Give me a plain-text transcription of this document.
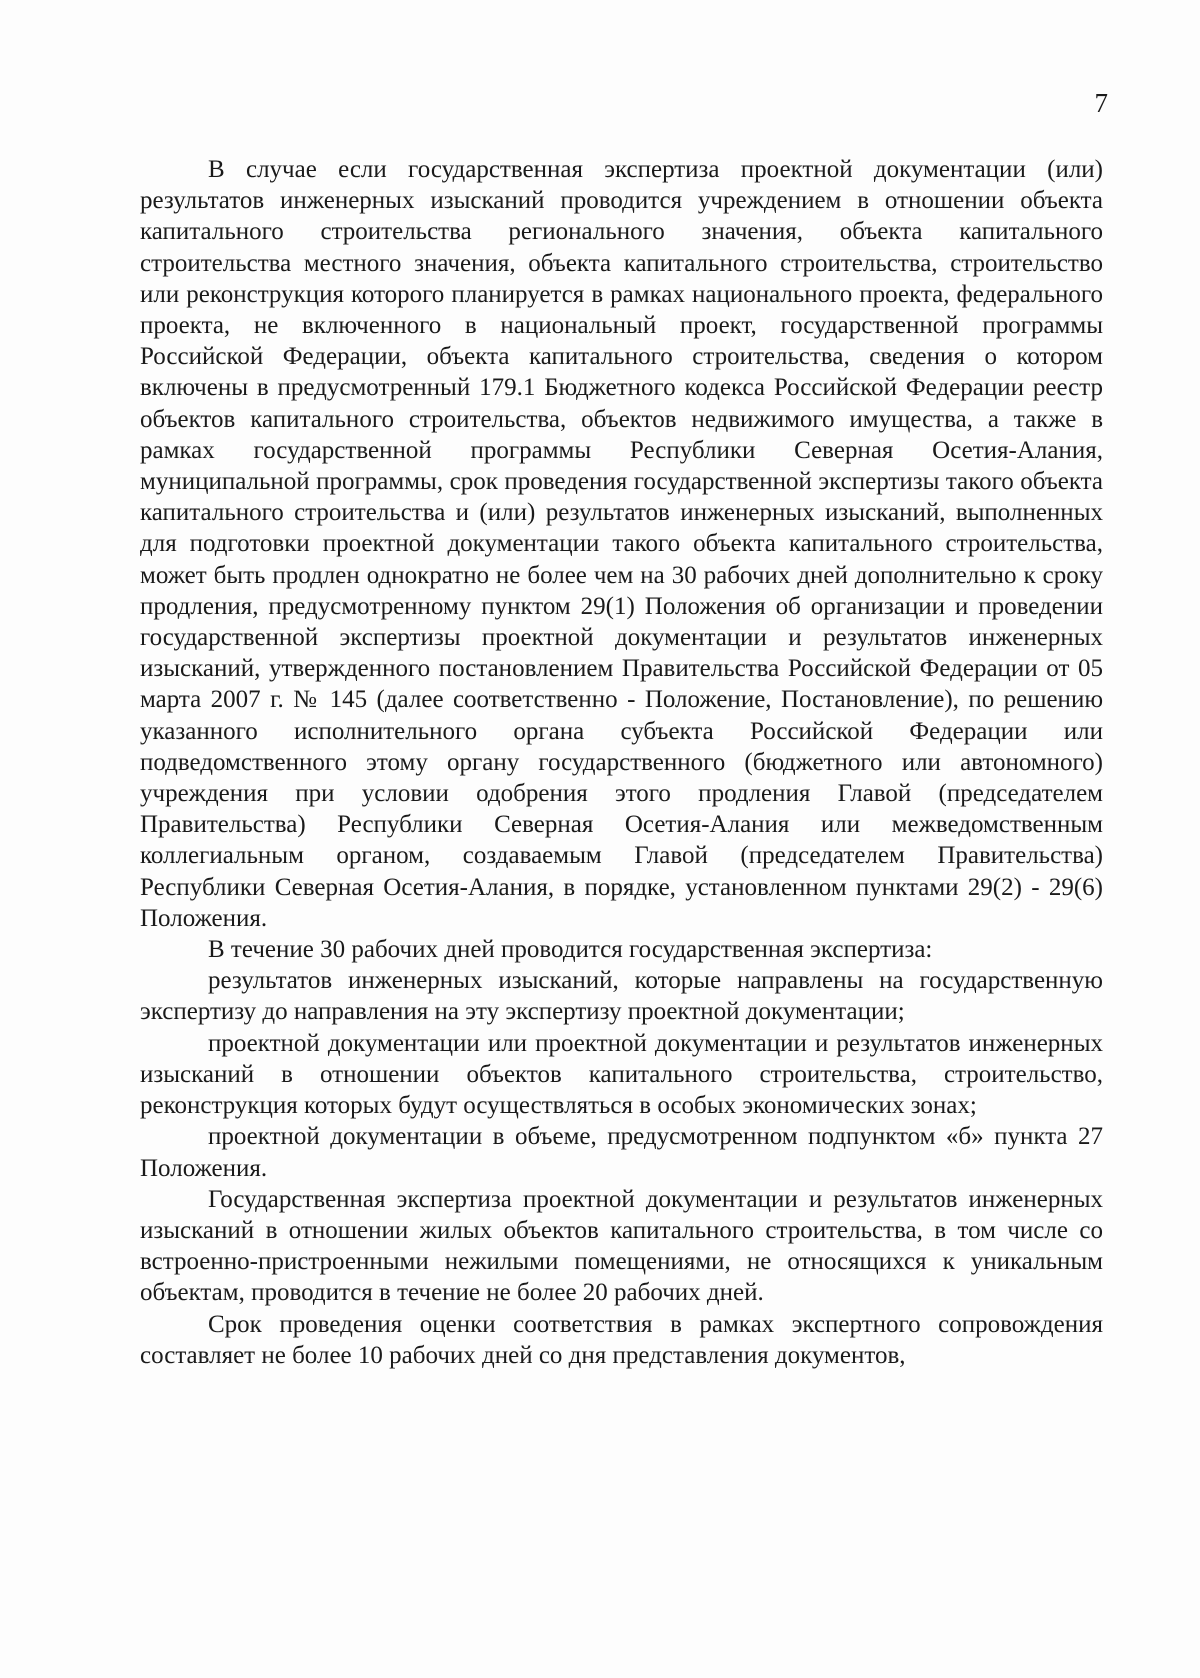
7

В случае если государственная экспертиза проектной документации (или) результатов инженерных изысканий проводится учреждением в отношении объекта капитального строительства регионального значения, объекта капитального строительства местного значения, объекта капитального строительства, строительство или реконструкция которого планируется в рамках национального проекта, федерального проекта, не включенного в национальный проект, государственной программы Российской Федерации, объекта капитального строительства, сведения о котором включены в предусмотренный 179.1 Бюджетного кодекса Российской Федерации реестр объектов капитального строительства, объектов недвижимого имущества, а также в рамках государственной программы Республики Северная Осетия-Алания, муниципальной программы, срок проведения государственной экспертизы такого объекта капитального строительства и (или) результатов инженерных изысканий, выполненных для подготовки проектной документации такого объекта капитального строительства, может быть продлен однократно не более чем на 30 рабочих дней дополнительно к сроку продления, предусмотренному пунктом 29(1) Положения об организации и проведении государственной экспертизы проектной документации и результатов инженерных изысканий, утвержденного постановлением Правительства Российской Федерации от 05 марта 2007 г. № 145 (далее соответственно - Положение, Постановление), по решению указанного исполнительного органа субъекта Российской Федерации или подведомственного этому органу государственного (бюджетного или автономного) учреждения при условии одобрения этого продления Главой (председателем Правительства) Республики Северная Осетия-Алания или межведомственным коллегиальным органом, создаваемым Главой (председателем Правительства) Республики Северная Осетия-Алания, в порядке, установленном пунктами 29(2) - 29(6) Положения.

В течение 30 рабочих дней проводится государственная экспертиза:

результатов инженерных изысканий, которые направлены на государственную экспертизу до направления на эту экспертизу проектной документации;

проектной документации или проектной документации и результатов инженерных изысканий в отношении объектов капитального строительства, строительство, реконструкция которых будут осуществляться в особых экономических зонах;

проектной документации в объеме, предусмотренном подпунктом «б» пункта 27 Положения.

Государственная экспертиза проектной документации и результатов инженерных изысканий в отношении жилых объектов капитального строительства, в том числе со встроенно-пристроенными нежилыми помещениями, не относящихся к уникальным объектам, проводится в течение не более 20 рабочих дней.

Срок проведения оценки соответствия в рамках экспертного сопровождения составляет не более 10 рабочих дней со дня представления документов,
